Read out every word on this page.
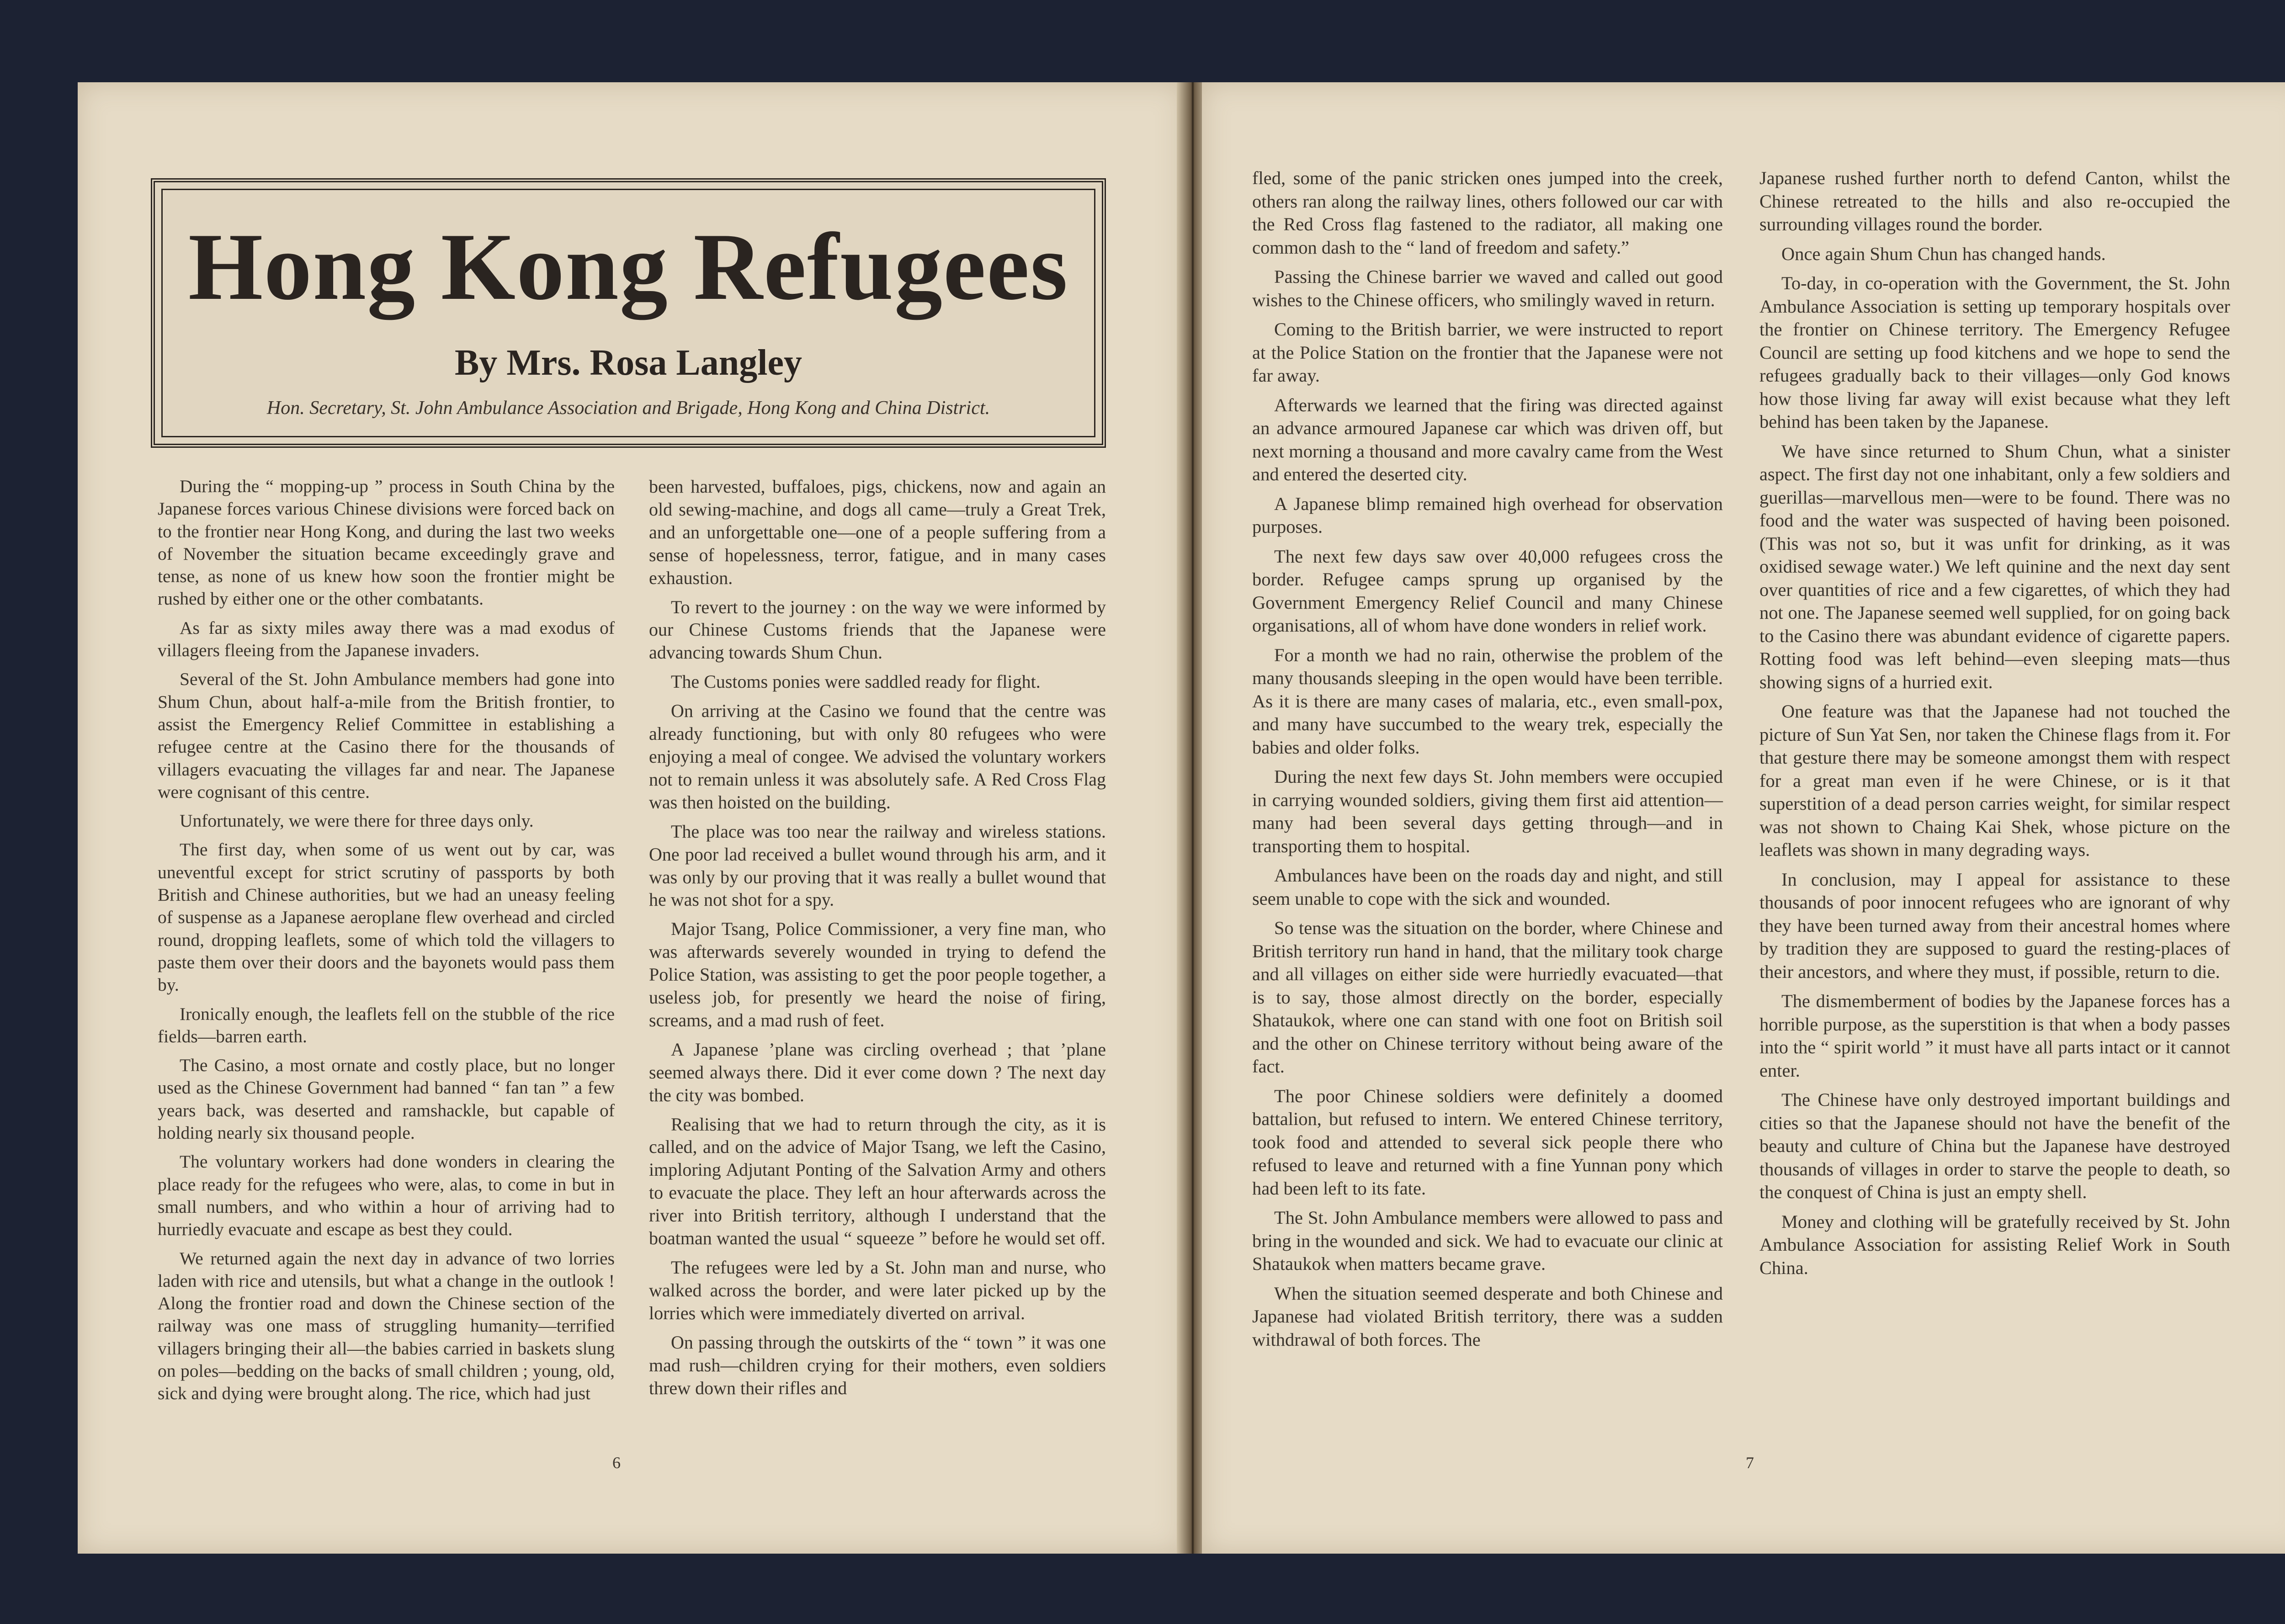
Hong Kong Refugees
By Mrs. Rosa Langley
Hon. Secretary, St. John Ambulance Association and Brigade, Hong Kong and China District.

During the “ mopping-up ” process in South China by the Japanese forces various Chinese divisions were forced back on to the frontier near Hong Kong, and during the last two weeks of November the situation became exceedingly grave and tense, as none of us knew how soon the frontier might be rushed by either one or the other combatants.

As far as sixty miles away there was a mad exodus of villagers fleeing from the Japanese invaders.

Several of the St. John Ambulance members had gone into Shum Chun, about half-a-mile from the British frontier, to assist the Emergency Relief Committee in establishing a refugee centre at the Casino there for the thousands of villagers evacuating the villages far and near. The Japanese were cognisant of this centre.

Unfortunately, we were there for three days only.

The first day, when some of us went out by car, was uneventful except for strict scrutiny of passports by both British and Chinese authorities, but we had an uneasy feeling of suspense as a Japanese aeroplane flew overhead and circled round, dropping leaflets, some of which told the villagers to paste them over their doors and the bayonets would pass them by.

Ironically enough, the leaflets fell on the stubble of the rice fields—barren earth.

The Casino, a most ornate and costly place, but no longer used as the Chinese Government had banned “ fan tan ” a few years back, was deserted and ramshackle, but capable of holding nearly six thousand people.

The voluntary workers had done wonders in clearing the place ready for the refugees who were, alas, to come in but in small numbers, and who within a hour of arriving had to hurriedly evacuate and escape as best they could.

We returned again the next day in advance of two lorries laden with rice and utensils, but what a change in the outlook ! Along the frontier road and down the Chinese section of the railway was one mass of struggling humanity—terrified villagers bringing their all—the babies carried in baskets slung on poles—bedding on the backs of small children ; young, old, sick and dying were brought along. The rice, which had just

been harvested, buffaloes, pigs, chickens, now and again an old sewing-machine, and dogs all came—truly a Great Trek, and an unforgettable one—one of a people suffering from a sense of hopelessness, terror, fatigue, and in many cases exhaustion.

To revert to the journey : on the way we were informed by our Chinese Customs friends that the Japanese were advancing towards Shum Chun.

The Customs ponies were saddled ready for flight.

On arriving at the Casino we found that the centre was already functioning, but with only 80 refugees who were enjoying a meal of congee. We advised the voluntary workers not to remain unless it was absolutely safe. A Red Cross Flag was then hoisted on the building.

The place was too near the railway and wireless stations. One poor lad received a bullet wound through his arm, and it was only by our proving that it was really a bullet wound that he was not shot for a spy.

Major Tsang, Police Commissioner, a very fine man, who was afterwards severely wounded in trying to defend the Police Station, was assisting to get the poor people together, a useless job, for presently we heard the noise of firing, screams, and a mad rush of feet.

A Japanese ’plane was circling overhead ; that ’plane seemed always there. Did it ever come down ? The next day the city was bombed.

Realising that we had to return through the city, as it is called, and on the advice of Major Tsang, we left the Casino, imploring Adjutant Ponting of the Salvation Army and others to evacuate the place. They left an hour afterwards across the river into British territory, although I understand that the boatman wanted the usual “ squeeze ” before he would set off.

The refugees were led by a St. John man and nurse, who walked across the border, and were later picked up by the lorries which were immediately diverted on arrival.

On passing through the outskirts of the “ town ” it was one mad rush—children crying for their mothers, even soldiers threw down their rifles and

6

fled, some of the panic stricken ones jumped into the creek, others ran along the railway lines, others followed our car with the Red Cross flag fastened to the radiator, all making one common dash to the “ land of freedom and safety.”

Passing the Chinese barrier we waved and called out good wishes to the Chinese officers, who smilingly waved in return.

Coming to the British barrier, we were instructed to report at the Police Station on the frontier that the Japanese were not far away.

Afterwards we learned that the firing was directed against an advance armoured Japanese car which was driven off, but next morning a thousand and more cavalry came from the West and entered the deserted city.

A Japanese blimp remained high overhead for observation purposes.

The next few days saw over 40,000 refugees cross the border. Refugee camps sprung up organised by the Government Emergency Relief Council and many Chinese organisations, all of whom have done wonders in relief work.

For a month we had no rain, otherwise the problem of the many thousands sleeping in the open would have been terrible. As it is there are many cases of malaria, etc., even small-pox, and many have succumbed to the weary trek, especially the babies and older folks.

During the next few days St. John members were occupied in carrying wounded soldiers, giving them first aid attention—many had been several days getting through—and in transporting them to hospital.

Ambulances have been on the roads day and night, and still seem unable to cope with the sick and wounded.

So tense was the situation on the border, where Chinese and British territory run hand in hand, that the military took charge and all villages on either side were hurriedly evacuated—that is to say, those almost directly on the border, especially Shataukok, where one can stand with one foot on British soil and the other on Chinese territory without being aware of the fact.

The poor Chinese soldiers were definitely a doomed battalion, but refused to intern. We entered Chinese territory, took food and attended to several sick people there who refused to leave and returned with a fine Yunnan pony which had been left to its fate.

The St. John Ambulance members were allowed to pass and bring in the wounded and sick. We had to evacuate our clinic at Shataukok when matters became grave.

When the situation seemed desperate and both Chinese and Japanese had violated British territory, there was a sudden withdrawal of both forces. The

Japanese rushed further north to defend Canton, whilst the Chinese retreated to the hills and also re-occupied the surrounding villages round the border.

Once again Shum Chun has changed hands.

To-day, in co-operation with the Government, the St. John Ambulance Association is setting up temporary hospitals over the frontier on Chinese territory. The Emergency Refugee Council are setting up food kitchens and we hope to send the refugees gradually back to their villages—only God knows how those living far away will exist because what they left behind has been taken by the Japanese.

We have since returned to Shum Chun, what a sinister aspect. The first day not one inhabitant, only a few soldiers and guerillas—marvellous men—were to be found. There was no food and the water was suspected of having been poisoned. (This was not so, but it was unfit for drinking, as it was oxidised sewage water.) We left quinine and the next day sent over quantities of rice and a few cigarettes, of which they had not one. The Japanese seemed well supplied, for on going back to the Casino there was abundant evidence of cigarette papers. Rotting food was left behind—even sleeping mats—thus showing signs of a hurried exit.

One feature was that the Japanese had not touched the picture of Sun Yat Sen, nor taken the Chinese flags from it. For that gesture there may be someone amongst them with respect for a great man even if he were Chinese, or is it that superstition of a dead person carries weight, for similar respect was not shown to Chaing Kai Shek, whose picture on the leaflets was shown in many degrading ways.

In conclusion, may I appeal for assistance to these thousands of poor innocent refugees who are ignorant of why they have been turned away from their ancestral homes where by tradition they are supposed to guard the resting-places of their ancestors, and where they must, if possible, return to die.

The dismemberment of bodies by the Japanese forces has a horrible purpose, as the superstition is that when a body passes into the “ spirit world ” it must have all parts intact or it cannot enter.

The Chinese have only destroyed important buildings and cities so that the Japanese should not have the benefit of the beauty and culture of China but the Japanese have destroyed thousands of villages in order to starve the people to death, so the conquest of China is just an empty shell.

Money and clothing will be gratefully received by St. John Ambulance Association for assisting Relief Work in South China.

7
